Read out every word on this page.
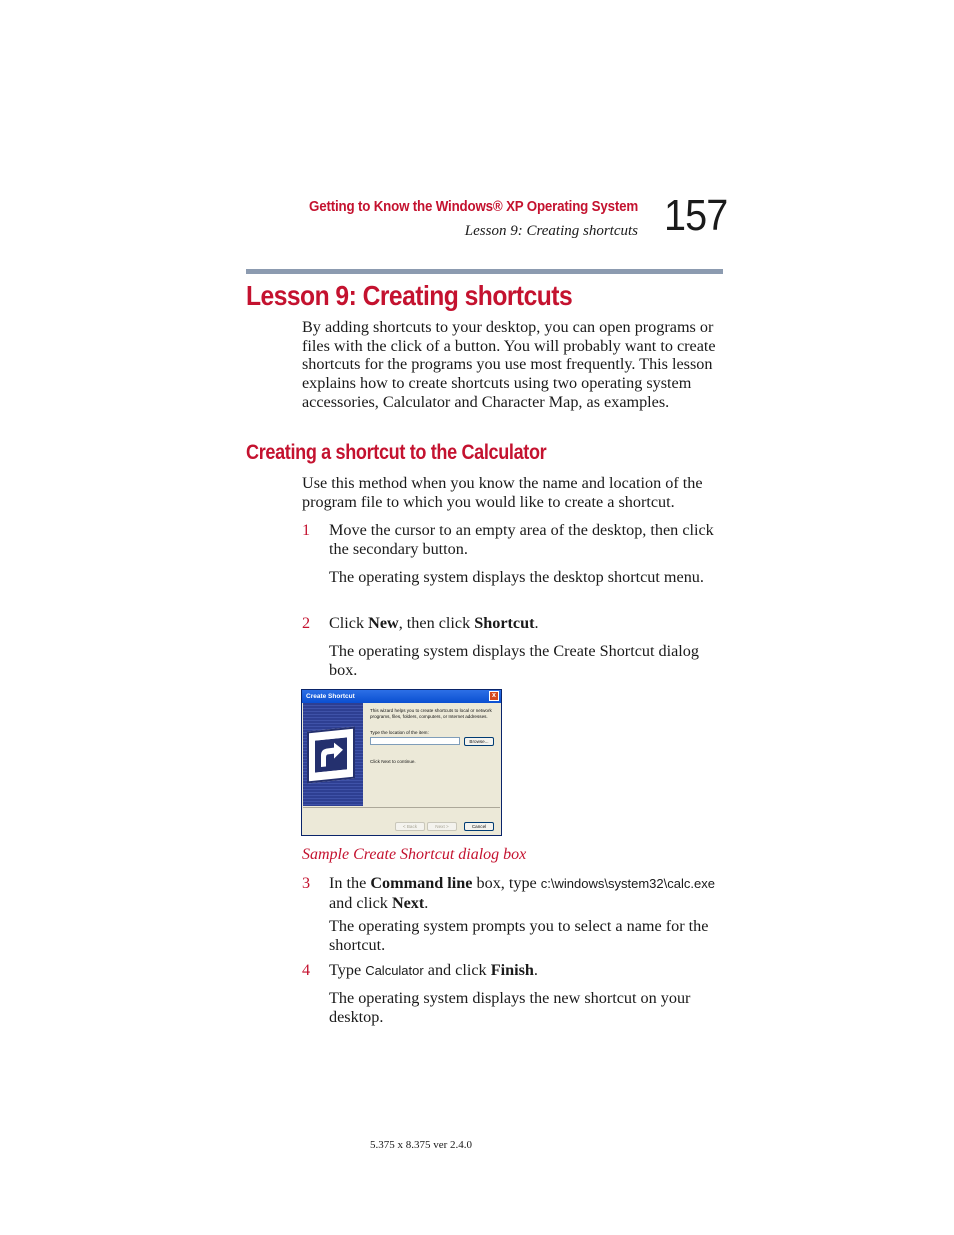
Getting to Know the Windows® XP Operating System
Lesson 9: Creating shortcuts 157
Lesson 9: Creating shortcuts

By adding shortcuts to your desktop, you can open programs or files with the click of a button. You will probably want to create shortcuts for the programs you use most frequently. This lesson explains how to create shortcuts using two operating system accessories, Calculator and Character Map, as examples.

Creating a shortcut to the Calculator

Use this method when you know the name and location of the program file to which you would like to create a shortcut.

1 Move the cursor to an empty area of the desktop, then click the secondary button.
The operating system displays the desktop shortcut menu.
2 Click New, then click Shortcut.
The operating system displays the Create Shortcut dialog box.
Create Shortcut	x
This wizard helps you to create shortcuts to local or network programs, files, folders, computers, or Internet addresses.
Type the location of the item:
Browse...
Click Next to continue.
< Back	Next >	Cancel
Sample Create Shortcut dialog box
3 In the Command line box, type c:\windows\system32\calc.exe and click Next.
The operating system prompts you to select a name for the shortcut.
4 Type Calculator and click Finish.
The operating system displays the new shortcut on your desktop.
5.375 x 8.375 ver 2.4.0
